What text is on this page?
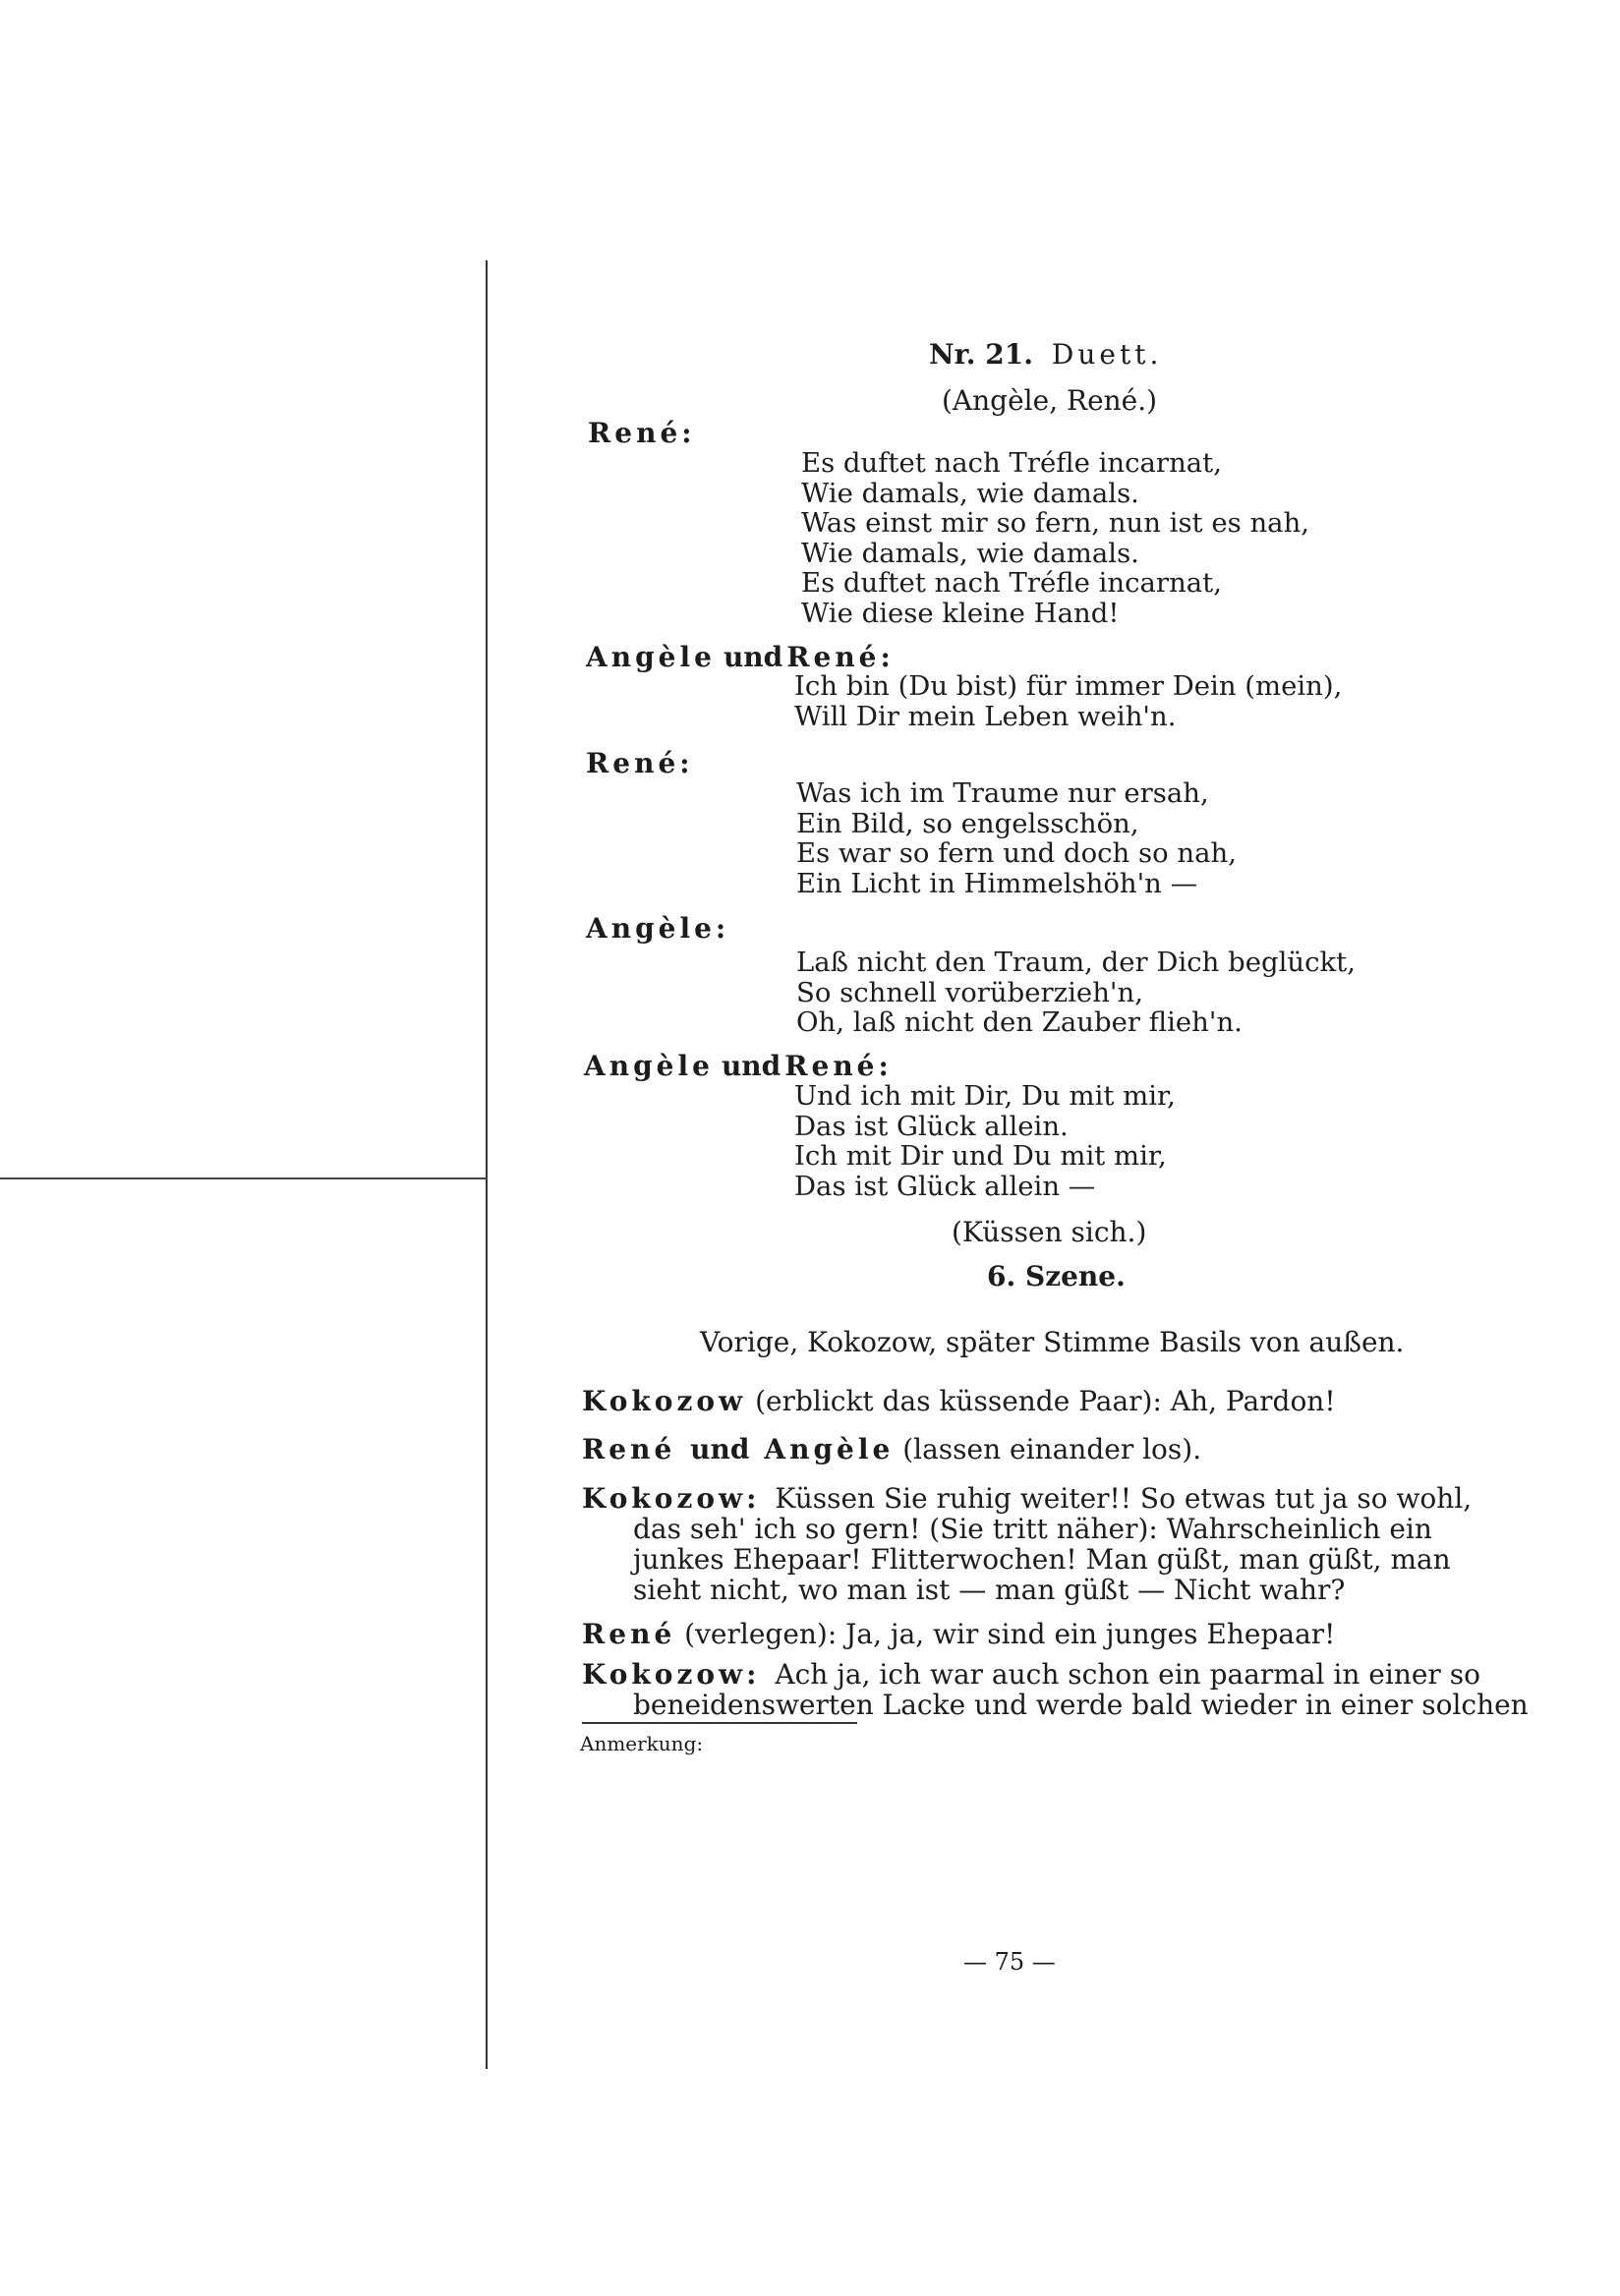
Nr. 21. Duett.
(Angèle, René.)
René:
Es duftet nach Tréfle incarnat,
Wie damals, wie damals.
Was einst mir so fern, nun ist es nah,
Wie damals, wie damals.
Es duftet nach Tréfle incarnat,
Wie diese kleine Hand!
Angèle und René:
Ich bin (Du bist) für immer Dein (mein),
Will Dir mein Leben weih'n.
René:
Was ich im Traume nur ersah,
Ein Bild, so engelsschön,
Es war so fern und doch so nah,
Ein Licht in Himmelshöh'n —
Angèle:
Laß nicht den Traum, der Dich beglückt,
So schnell vorüberzieh'n,
Oh, laß nicht den Zauber flieh'n.
Angèle und René:
Und ich mit Dir, Du mit mir,
Das ist Glück allein.
Ich mit Dir und Du mit mir,
Das ist Glück allein —
(Küssen sich.)
6. Szene.
Vorige, Kokozow, später Stimme Basils von außen.
Kokozow (erblickt das küssende Paar): Ah, Pardon!
René und Angèle (lassen einander los).
Kokozow: Küssen Sie ruhig weiter!! So etwas tut ja so wohl,
das seh' ich so gern! (Sie tritt näher): Wahrscheinlich ein
junkes Ehepaar! Flitterwochen! Man güßt, man güßt, man
sieht nicht, wo man ist — man güßt — Nicht wahr?
René (verlegen): Ja, ja, wir sind ein junges Ehepaar!
Kokozow: Ach ja, ich war auch schon ein paarmal in einer so
beneidenswerten Lacke und werde bald wieder in einer solchen
Anmerkung:
— 75 —
